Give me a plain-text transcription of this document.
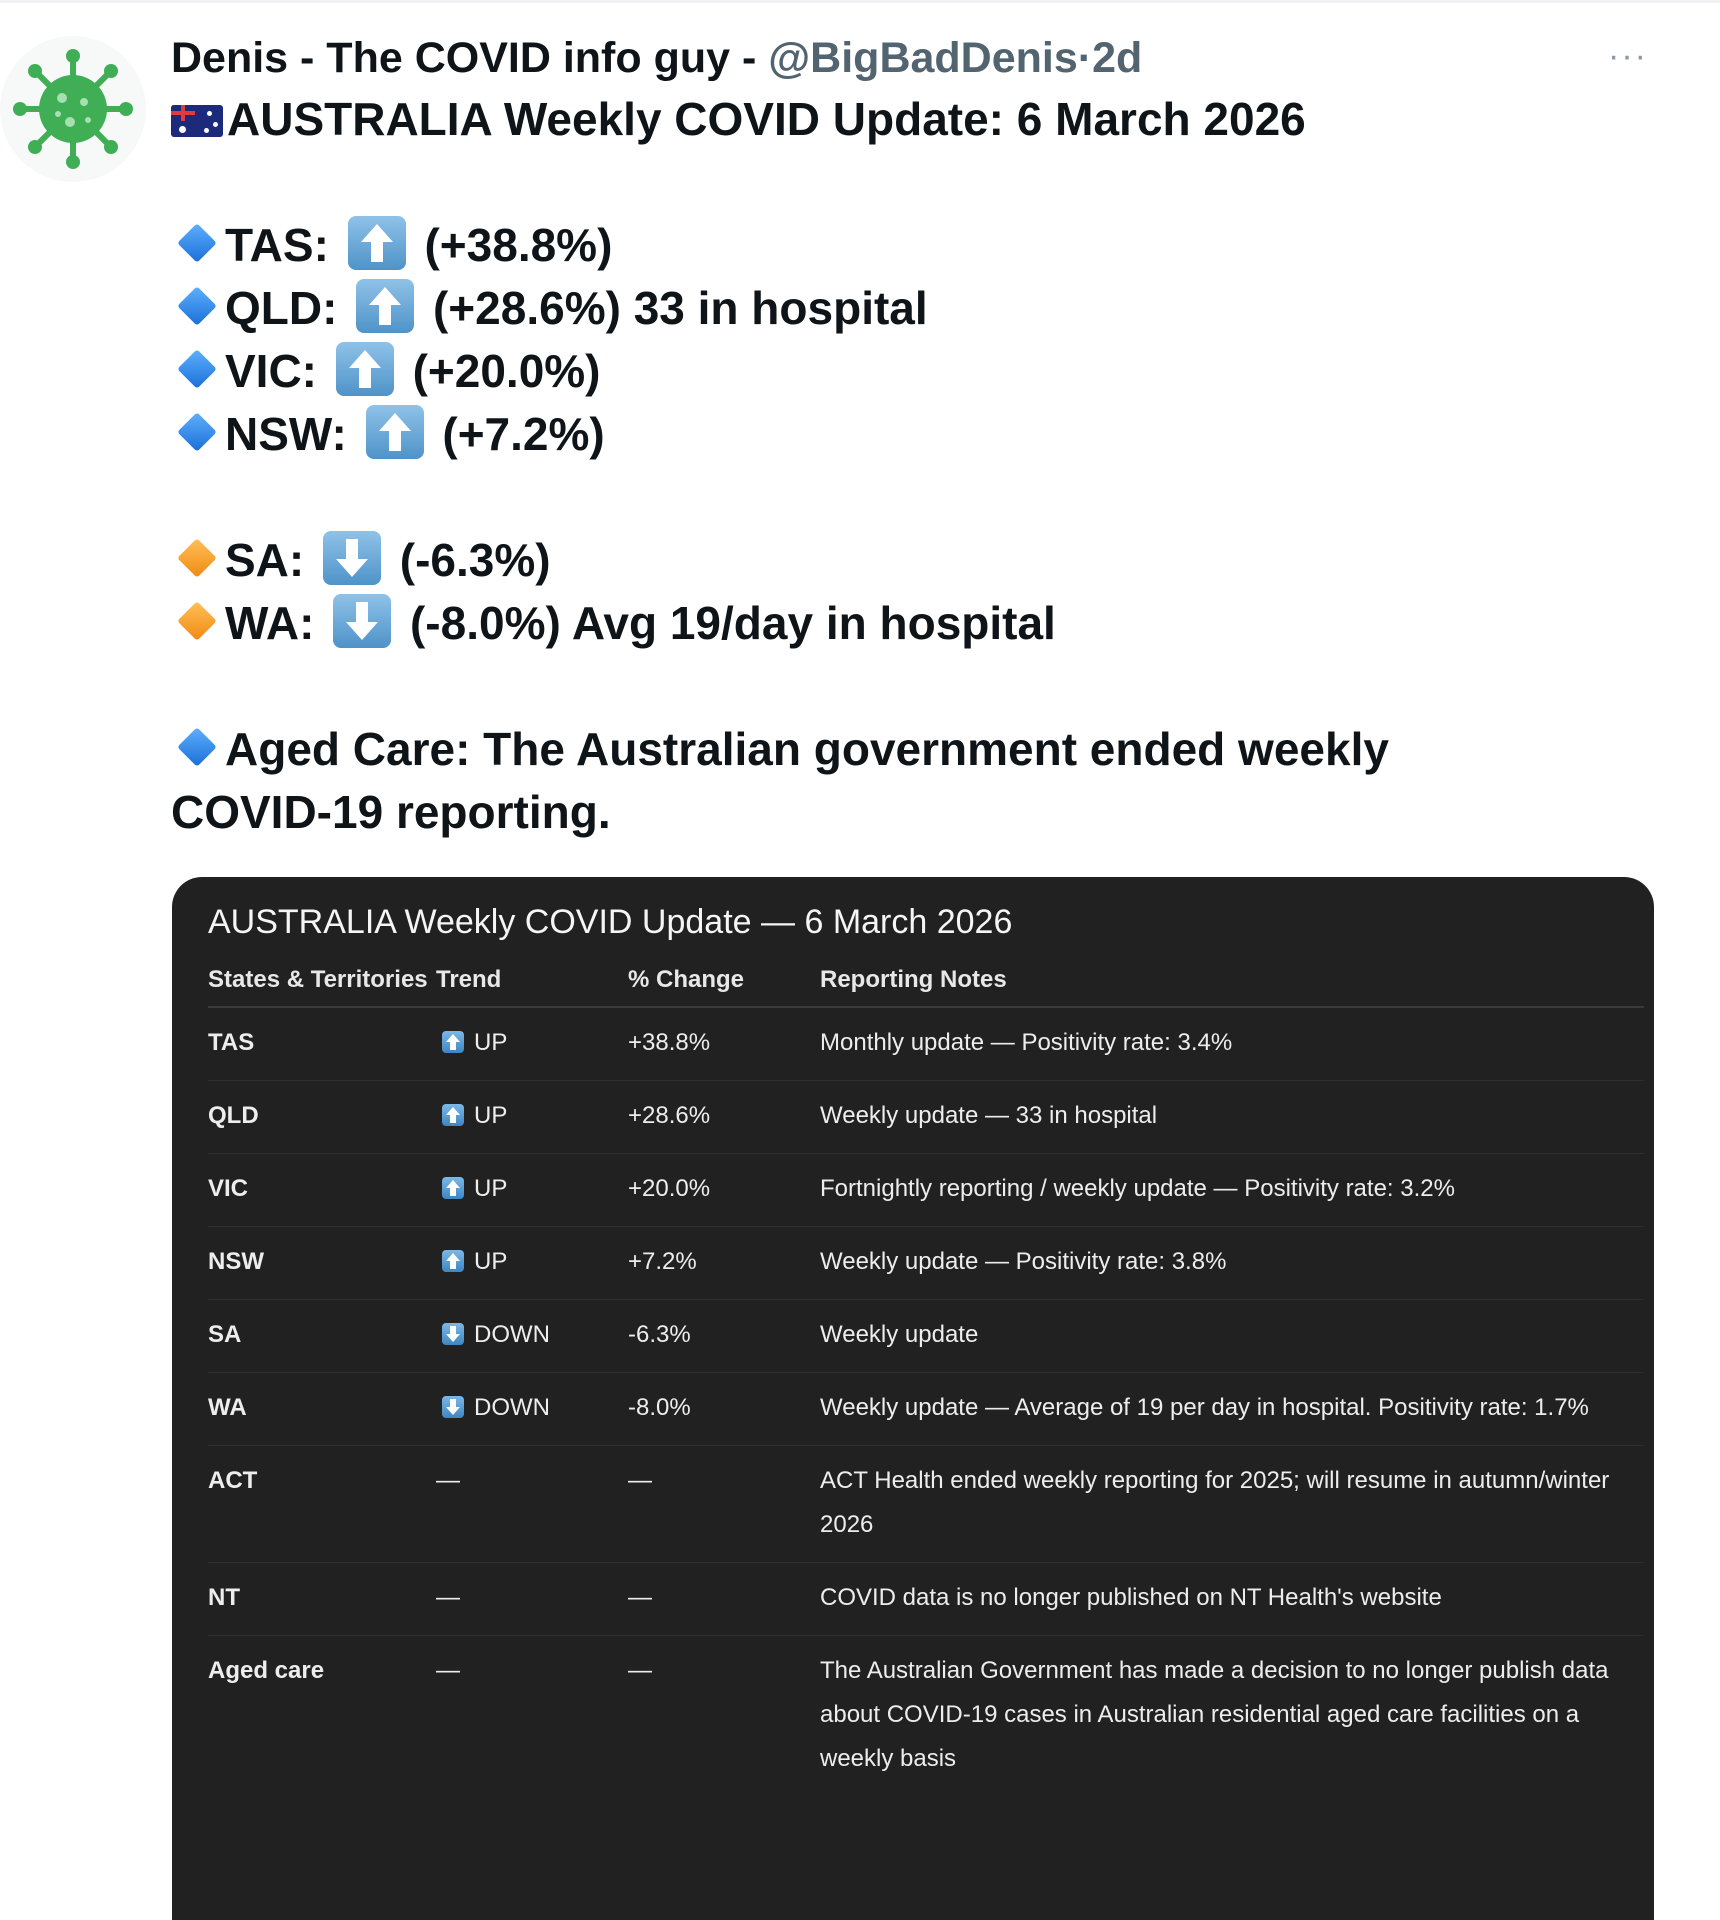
···
Denis - The COVID info guy - @BigBadDenis·2d
AUSTRALIA Weekly COVID Update: 6 March 2026
TAS: (+38.8%)
QLD: (+28.6%) 33 in hospital
VIC: (+20.0%)
NSW: (+7.2%)
SA: (-6.3%)
WA: (-8.0%) Avg 19/day in hospital
Aged Care: The Australian government ended weekly
COVID-19 reporting.
AUSTRALIA Weekly COVID Update — 6 March 2026
States & Territories	Trend	% Change	Reporting Notes
TAS	UP	+38.8%	Monthly update — Positivity rate: 3.4%
QLD	UP	+28.6%	Weekly update — 33 in hospital
VIC	UP	+20.0%	Fortnightly reporting / weekly update — Positivity rate: 3.2%
NSW	UP	+7.2%	Weekly update — Positivity rate: 3.8%
SA	DOWN	-6.3%	Weekly update
WA	DOWN	-8.0%	Weekly update — Average of 19 per day in hospital. Positivity rate: 1.7%
ACT	—	—	ACT Health ended weekly reporting for 2025; will resume in autumn/winter 2026
NT	—	—	COVID data is no longer published on NT Health's website
Aged care	—	—	The Australian Government has made a decision to no longer publish data about COVID-19 cases in Australian residential aged care facilities on a weekly basis
